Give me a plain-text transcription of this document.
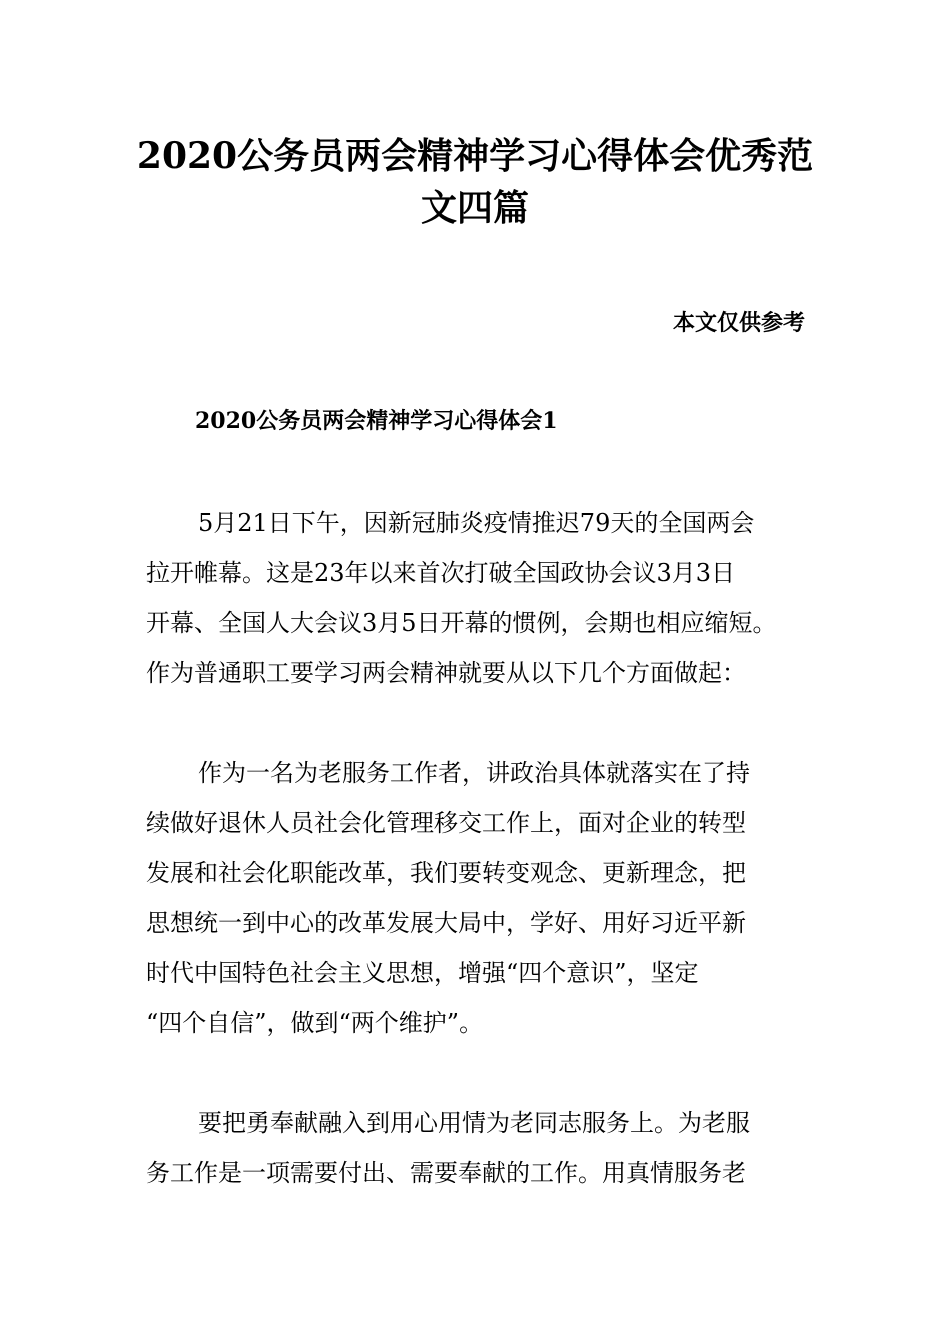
2020公务员两会精神学习心得体会优秀范
文四篇
本文仅供参考
2020公务员两会精神学习心得体会1
5月21日下午，因新冠肺炎疫情推迟79天的全国两会
拉开帷幕。这是23年以来首次打破全国政协会议3月3日
开幕、全国人大会议3月5日开幕的惯例，会期也相应缩短。
作为普通职工要学习两会精神就要从以下几个方面做起：
作为一名为老服务工作者，讲政治具体就落实在了持
续做好退休人员社会化管理移交工作上，面对企业的转型
发展和社会化职能改革，我们要转变观念、更新理念，把
思想统一到中心的改革发展大局中，学好、用好习近平新
时代中国特色社会主义思想，增强“四个意识”，坚定
“四个自信”，做到“两个维护”。
要把勇奉献融入到用心用情为老同志服务上。为老服
务工作是一项需要付出、需要奉献的工作。用真情服务老
